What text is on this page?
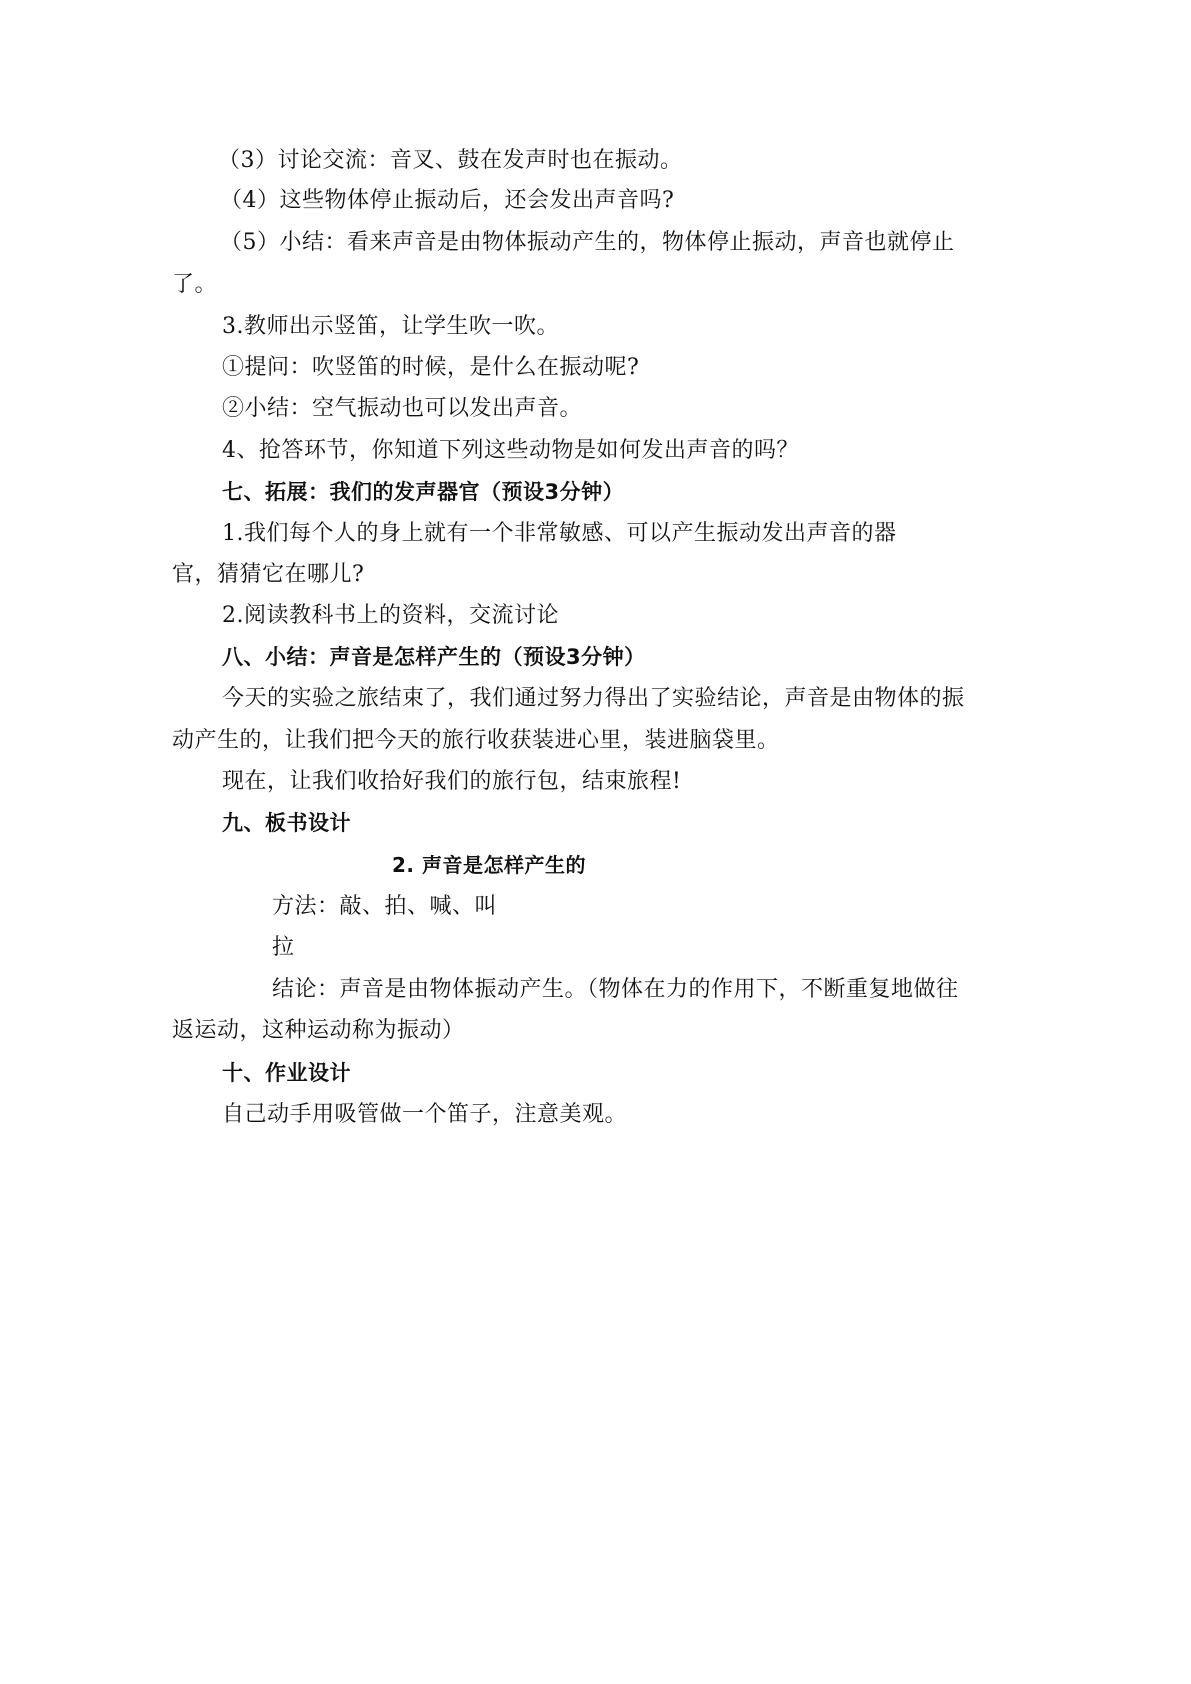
（3）讨论交流：音叉、鼓在发声时也在振动。
（4）这些物体停止振动后，还会发出声音吗?
（5）小结：看来声音是由物体振动产生的，物体停止振动，声音也就停止
了。
3.教师出示竖笛，让学生吹一吹。
①提问：吹竖笛的时候，是什么在振动呢?
②小结：空气振动也可以发出声音。
4、抢答环节，你知道下列这些动物是如何发出声音的吗？
七、拓展：我们的发声器官（预设3分钟）
1.我们每个人的身上就有一个非常敏感、可以产生振动发出声音的器
官，猜猜它在哪儿?
2.阅读教科书上的资料，交流讨论
八、小结：声音是怎样产生的（预设3分钟）
今天的实验之旅结束了，我们通过努力得出了实验结论，声音是由物体的振
动产生的，让我们把今天的旅行收获装进心里，装进脑袋里。
现在，让我们收拾好我们的旅行包，结束旅程!
九、板书设计
2. 声音是怎样产生的
方法：敲、拍、喊、叫
拉
结论：声音是由物体振动产生。（物体在力的作用下，不断重复地做往
返运动，这种运动称为振动）
十、作业设计
自己动手用吸管做一个笛子，注意美观。
